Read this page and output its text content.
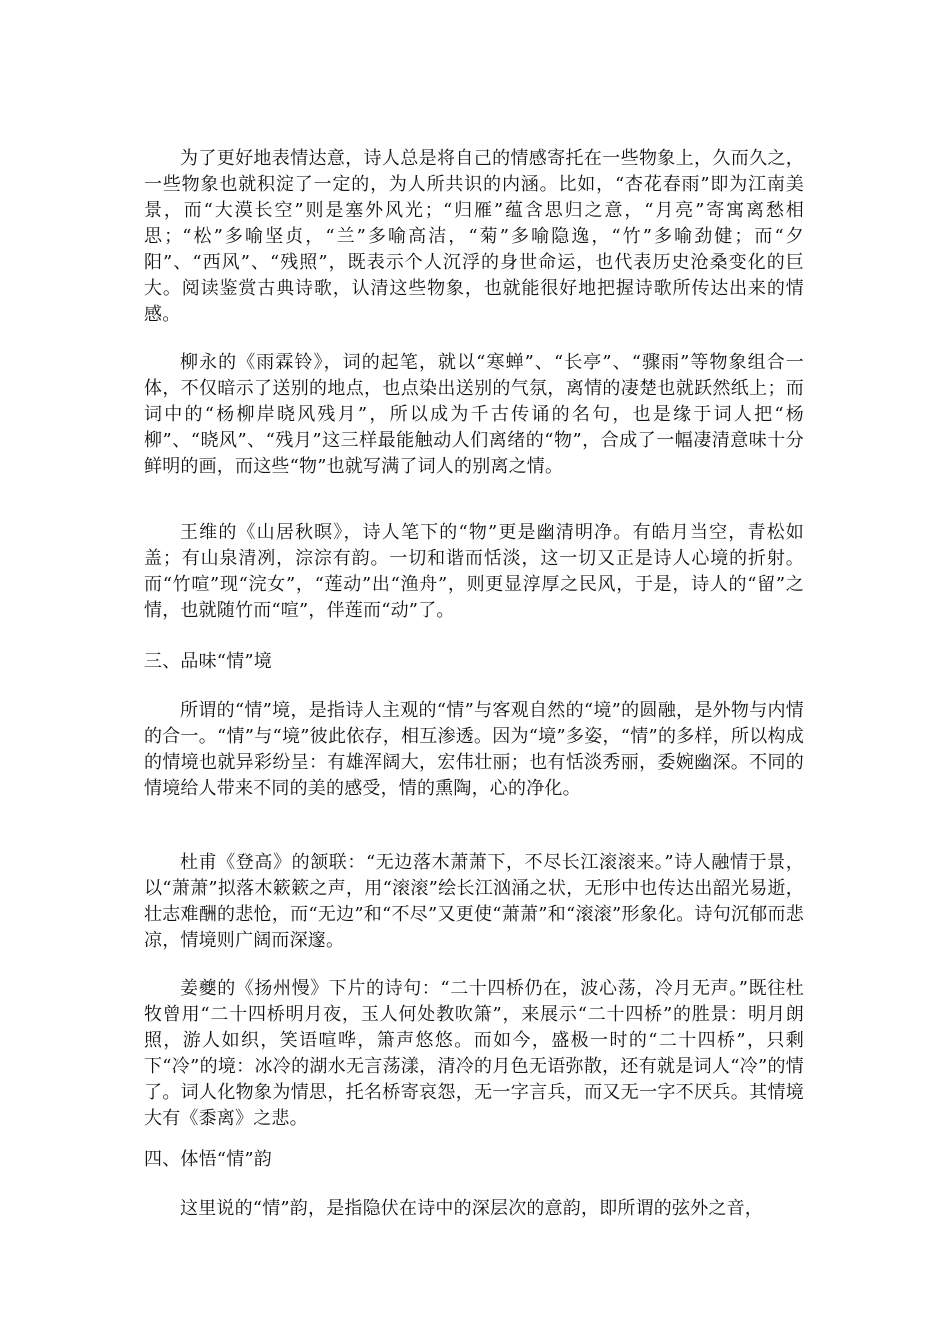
为了更好地表情达意，诗人总是将自己的情感寄托在一些物象上，久而久之，一些物象也就积淀了一定的，为人所共识的内涵。比如，“杏花春雨”即为江南美景，而“大漠长空”则是塞外风光；“归雁”蕴含思归之意，“月亮”寄寓离愁相思；“松”多喻坚贞，“兰”多喻高洁，“菊”多喻隐逸，“竹”多喻劲健；而“夕阳”、“西风”、“残照”，既表示个人沉浮的身世命运，也代表历史沧桑变化的巨大。阅读鉴赏古典诗歌，认清这些物象，也就能很好地把握诗歌所传达出来的情感。

柳永的《雨霖铃》，词的起笔，就以“寒蝉”、“长亭”、“骤雨”等物象组合一体，不仅暗示了送别的地点，也点染出送别的气氛，离情的凄楚也就跃然纸上；而词中的“杨柳岸晓风残月”，所以成为千古传诵的名句，也是缘于词人把“杨柳”、“晓风”、“残月”这三样最能触动人们离绪的“物”，合成了一幅凄清意味十分鲜明的画，而这些“物”也就写满了词人的别离之情。

王维的《山居秋暝》，诗人笔下的“物”更是幽清明净。有皓月当空，青松如盖；有山泉清冽，淙淙有韵。一切和谐而恬淡，这一切又正是诗人心境的折射。而“竹喧”现“浣女”，“莲动”出“渔舟”，则更显淳厚之民风，于是，诗人的“留”之情，也就随竹而“喧”，伴莲而“动”了。

三、品味“情”境

所谓的“情”境，是指诗人主观的“情”与客观自然的“境”的圆融，是外物与内情的合一。“情”与“境”彼此依存，相互渗透。因为“境”多姿，“情”的多样，所以构成的情境也就异彩纷呈：有雄浑阔大，宏伟壮丽；也有恬淡秀丽，委婉幽深。不同的情境给人带来不同的美的感受，情的熏陶，心的净化。

杜甫《登高》的颔联：“无边落木萧萧下，不尽长江滚滚来。”诗人融情于景，以“萧萧”拟落木簌簌之声，用“滚滚”绘长江汹涌之状，无形中也传达出韶光易逝，壮志难酬的悲怆，而“无边”和“不尽”又更使“萧萧”和“滚滚”形象化。诗句沉郁而悲凉，情境则广阔而深邃。

姜夔的《扬州慢》下片的诗句：“二十四桥仍在，波心荡，冷月无声。”既往杜牧曾用“二十四桥明月夜，玉人何处教吹箫”，来展示“二十四桥”的胜景：明月朗照，游人如织，笑语喧哗，箫声悠悠。而如今，盛极一时的“二十四桥”，只剩下“冷”的境：冰冷的湖水无言荡漾，清冷的月色无语弥散，还有就是词人“冷”的情了。词人化物象为情思，托名桥寄哀怨，无一字言兵，而又无一字不厌兵。其情境大有《黍离》之悲。

四、体悟“情”韵

这里说的“情”韵，是指隐伏在诗中的深层次的意韵，即所谓的弦外之音，
